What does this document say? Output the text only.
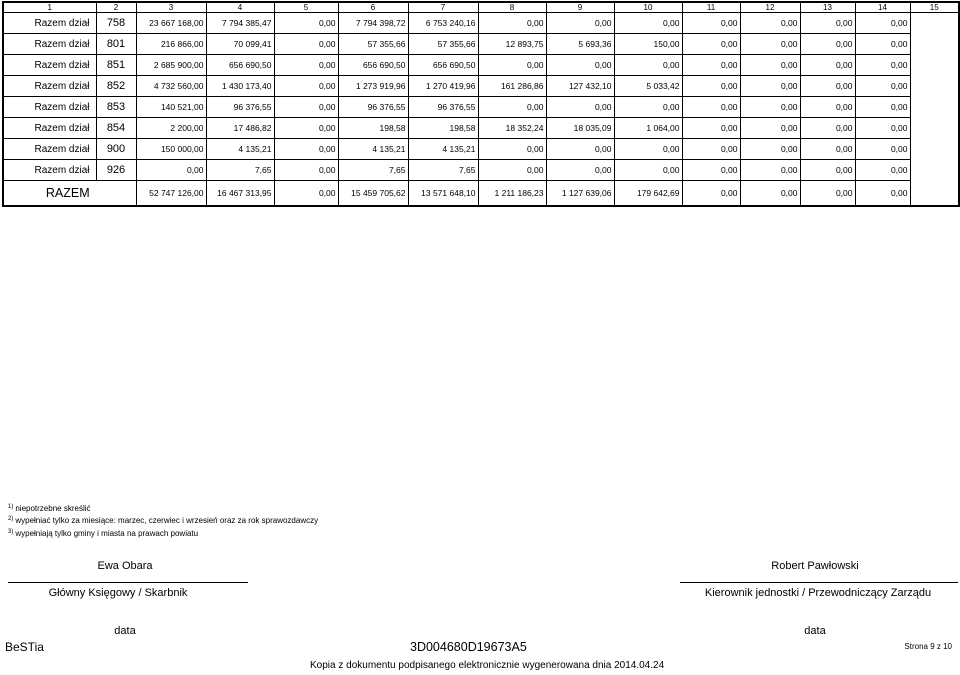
1	2	3	4	5	6	7	8	9	10	11	12	13	14	15
Razem dział	758	23 667 168,00	7 794 385,47	0,00	7 794 398,72	6 753 240,16	0,00	0,00	0,00	0,00	0,00	0,00	0,00	
Razem dział	801	216 866,00	70 099,41	0,00	57 355,66	57 355,66	12 893,75	5 693,36	150,00	0,00	0,00	0,00	0,00	
Razem dział	851	2 685 900,00	656 690,50	0,00	656 690,50	656 690,50	0,00	0,00	0,00	0,00	0,00	0,00	0,00	
Razem dział	852	4 732 560,00	1 430 173,40	0,00	1 273 919,96	1 270 419,96	161 286,86	127 432,10	5 033,42	0,00	0,00	0,00	0,00	
Razem dział	853	140 521,00	96 376,55	0,00	96 376,55	96 376,55	0,00	0,00	0,00	0,00	0,00	0,00	0,00	
Razem dział	854	2 200,00	17 486,82	0,00	198,58	198,58	18 352,24	18 035,09	1 064,00	0,00	0,00	0,00	0,00	
Razem dział	900	150 000,00	4 135,21	0,00	4 135,21	4 135,21	0,00	0,00	0,00	0,00	0,00	0,00	0,00	
Razem dział	926	0,00	7,65	0,00	7,65	7,65	0,00	0,00	0,00	0,00	0,00	0,00	0,00	
RAZEM		52 747 126,00	16 467 313,95	0,00	15 459 705,62	13 571 648,10	1 211 186,23	1 127 639,06	179 642,69	0,00	0,00	0,00	0,00	
$^{1)}$ niepotrzebne skreślić
$^{2)}$ wypełniać tylko za miesiące: marzec, czerwiec i wrzesień oraz za rok sprawozdawczy
$^{3)}$ wypełniają tylko gminy i miasta na prawach powiatu
Ewa Obara
Główny Księgowy / Skarbnik
data
Robert Pawłowski
Kierownik jednostki / Przewodniczący Zarządu
data
BeSTia	3D004680D19673A5	Strona 9 z 10
Kopia z dokumentu podpisanego elektronicznie wygenerowana dnia 2014.04.24
